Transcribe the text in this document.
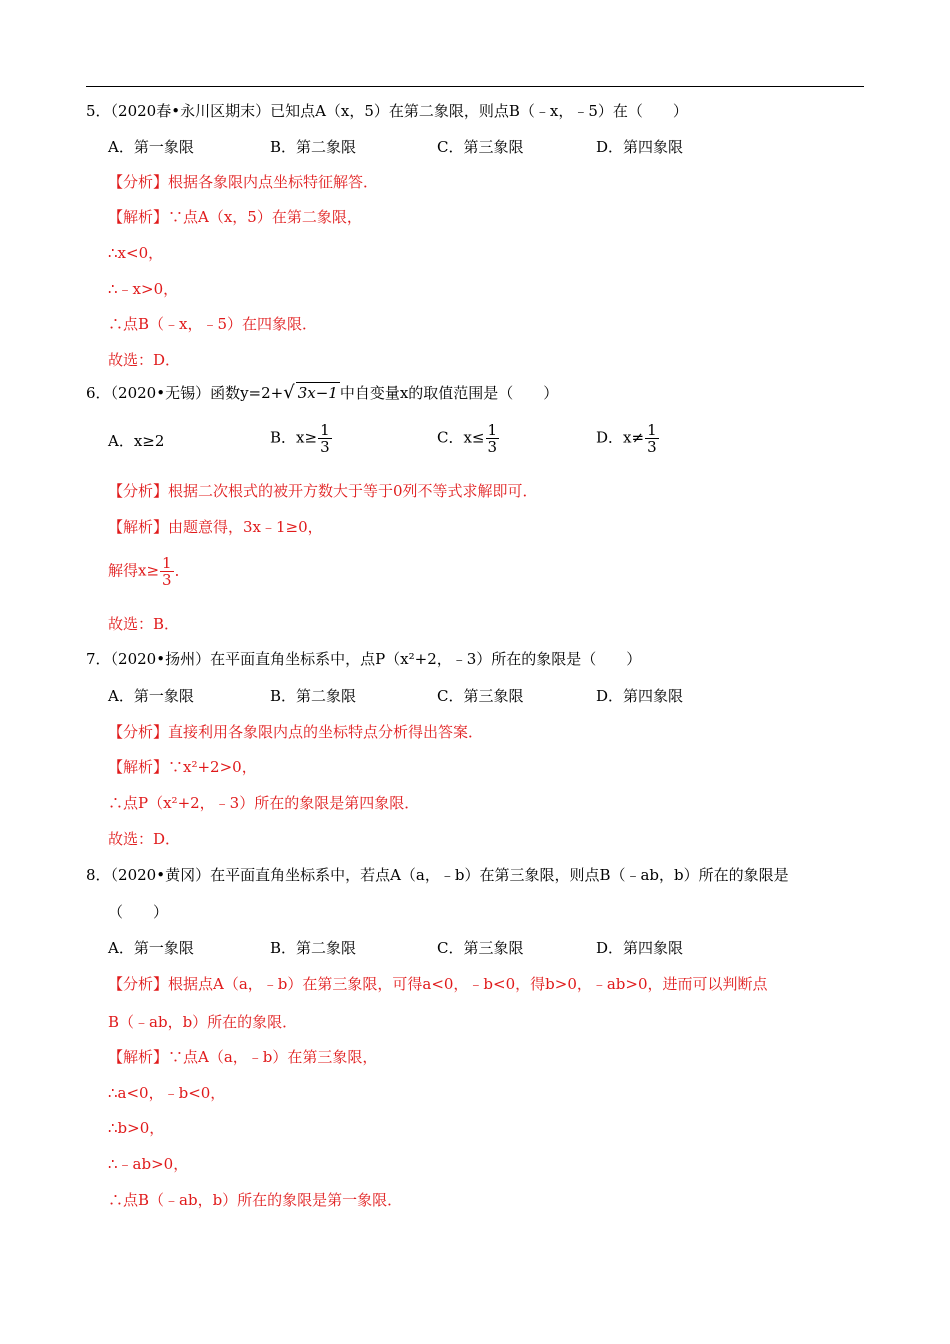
5．（2020春•永川区期末）已知点A（x，5）在第二象限，则点B（﹣x，﹣5）在（　　）
A．第一象限	B．第二象限	C．第三象限	D．第四象限
【分析】根据各象限内点坐标特征解答．
【解析】∵点A（x，5）在第二象限，
∴x<0，
∴﹣x>0，
∴点B（﹣x，﹣5）在四象限．
故选：D．
6．（2020•无锡）函数y=2+√ 3x−1 中自变量x的取值范围是（　　）
A．x≥2	B．$x\ge \frac{1}{3}$	C．$x\le \frac{1}{3}$	D．$x\ne \frac{1}{3}$
【分析】根据二次根式的被开方数大于等于0列不等式求解即可．
【解析】由题意得，3x﹣1≥0，
解得$x\ge \frac{1}{3}$ ．
故选：B．
7．（2020•扬州）在平面直角坐标系中，点P（x²+2，﹣3）所在的象限是（　　）
A．第一象限	B．第二象限	C．第三象限	D．第四象限
【分析】直接利用各象限内点的坐标特点分析得出答案．
【解析】∵x²+2>0，
∴点P（x²+2，﹣3）所在的象限是第四象限．
故选：D．
8．（2020•黄冈）在平面直角坐标系中，若点A（a，﹣b）在第三象限，则点B（﹣ab，b）所在的象限是
（　　）
A．第一象限	B．第二象限	C．第三象限	D．第四象限
【分析】根据点A（a，﹣b）在第三象限，可得a<0，﹣b<0，得b>0，﹣ab>0，进而可以判断点
B（﹣ab，b）所在的象限．
【解析】∵点A（a，﹣b）在第三象限，
∴a<0，﹣b<0，
∴b>0，
∴﹣ab>0，
∴点B（﹣ab，b）所在的象限是第一象限．
